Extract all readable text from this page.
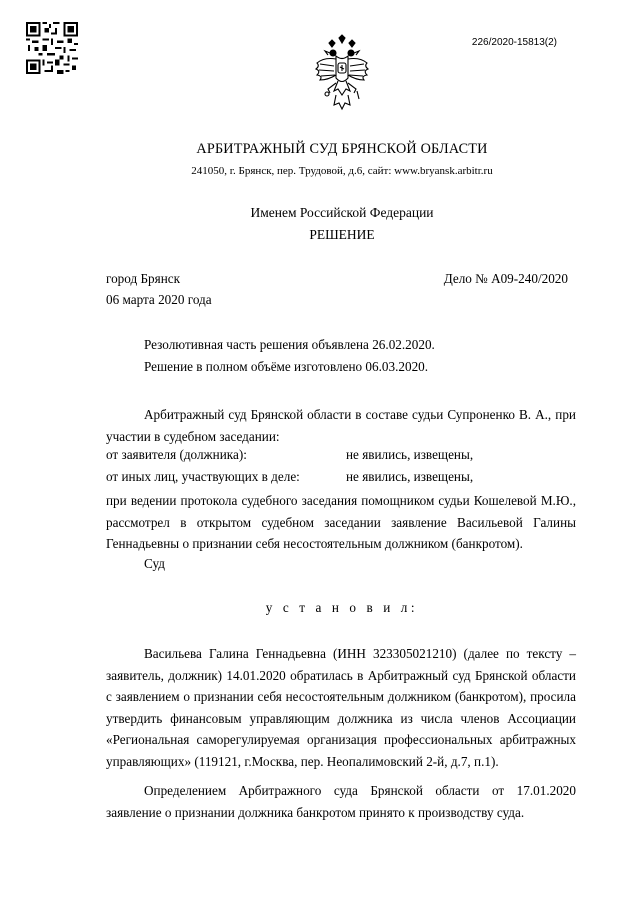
226/2020-15813(2)
АРБИТРАЖНЫЙ СУД БРЯНСКОЙ ОБЛАСТИ
241050, г. Брянск, пер. Трудовой, д.6, сайт: www.bryansk.arbitr.ru
Именем Российской Федерации
РЕШЕНИЕ
город Брянск	Дело № А09-240/2020
06 марта 2020 года
Резолютивная часть решения объявлена 26.02.2020.
Решение в полном объёме изготовлено 06.03.2020.
Арбитражный суд Брянской области в составе судьи Супроненко В. А., при участии в судебном заседании:
от заявителя (должника):	не явились, извещены,
от иных лиц, участвующих в деле:	не явились, извещены,
при ведении протокола судебного заседания помощником судьи Кошелевой М.Ю., рассмотрел в открытом судебном заседании заявление Васильевой Галины Геннадьевны о признании себя несостоятельным должником (банкротом).
Суд
у с т а н о в и л:
Васильева Галина Геннадьевна (ИНН 323305021210) (далее по тексту – заявитель, должник) 14.01.2020 обратилась в Арбитражный суд Брянской области с заявлением о признании себя несостоятельным должником (банкротом), просила утвердить финансовым управляющим должника из числа членов Ассоциации «Региональная саморегулируемая организация профессиональных арбитражных управляющих» (119121, г.Москва, пер. Неопалимовский 2-й, д.7, п.1).
Определением Арбитражного суда Брянской области от 17.01.2020 заявление о признании должника банкротом принято к производству суда.
